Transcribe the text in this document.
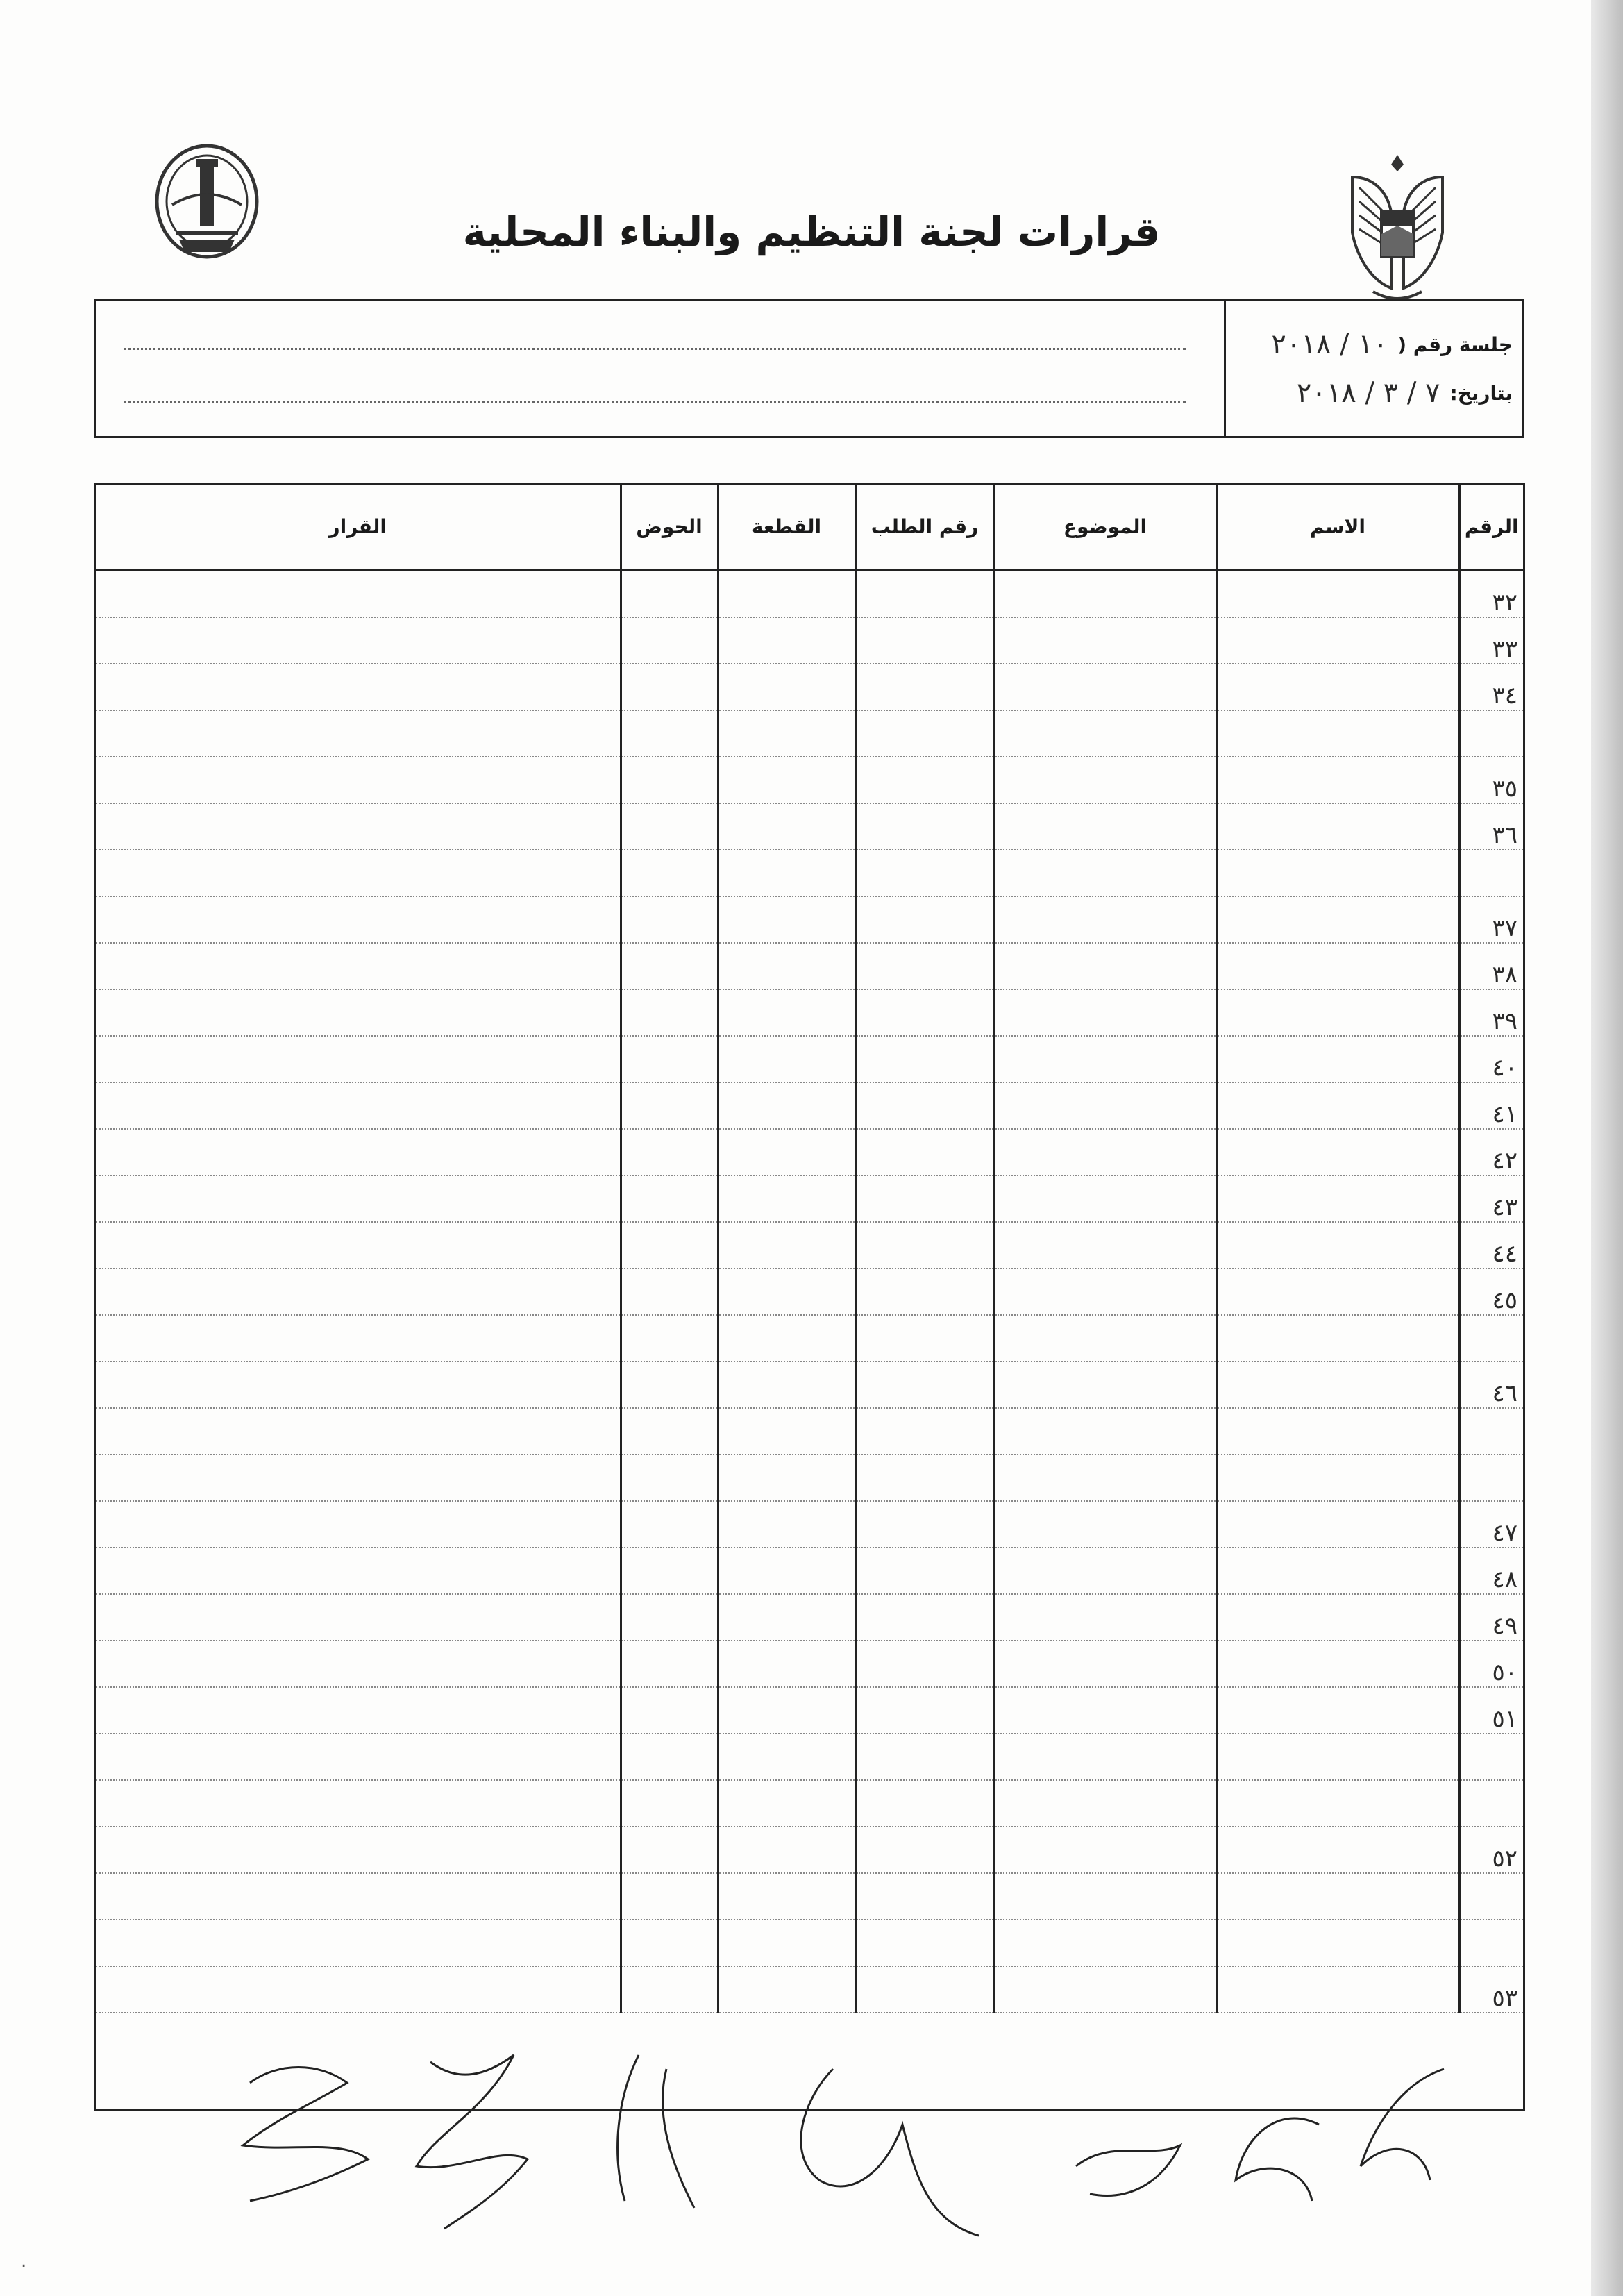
قرارات لجنة التنظيم والبناء المحلية
جلسة رقم (
١٠ / ٢٠١٨
بتاريخ:
٧ / ٣ / ٢٠١٨
الرقم	الاسم	الموضوع	رقم الطلب	القطعة	الحوض	القرار
٣٢						
٣٣						
٣٤						

٣٥						
٣٦						

٣٧						
٣٨						
٣٩						
٤٠						
٤١						
٤٢						
٤٣						
٤٤						
٤٥						

٤٦						

٤٧						
٤٨						
٤٩						
٥٠						
٥١						

٥٢						

٥٣						
.
